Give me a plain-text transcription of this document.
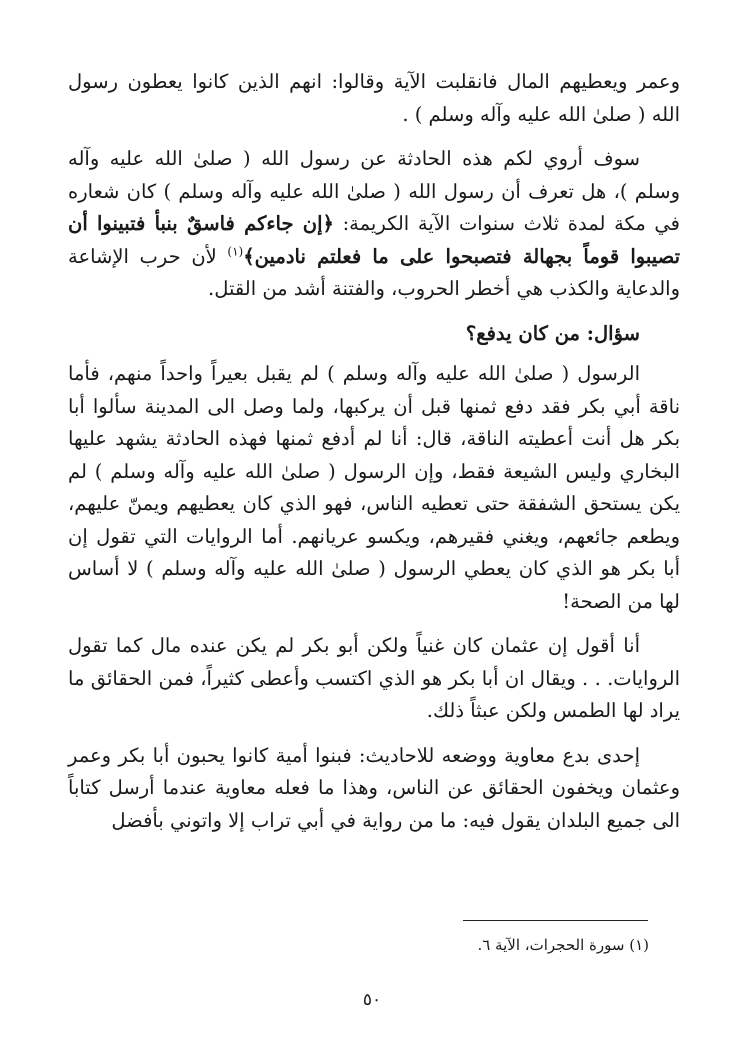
وعمر ويعطيهم المال فانقلبت الآية وقالوا: انهم الذين كانوا يعطون رسول الله ( صلیٰ الله عليه وآله وسلم ) .

سوف أروي لكم هذه الحادثة عن رسول الله ( صلیٰ الله عليه وآله وسلم )، هل تعرف أن رسول الله ( صلیٰ الله عليه وآله وسلم ) كان شعاره في مكة لمدة ثلاث سنوات الآية الكريمة: ﴿إن جاءكم فاسقٌ بنبأ فتبينوا أن تصيبوا قوماً بجهالة فتصبحوا على ما فعلتم نادمين﴾$^{(١)}$ لأن حرب الإشاعة والدعاية والكذب هي أخطر الحروب، والفتنة أشد من القتل.

سؤال: من كان يدفع؟

الرسول ( صلیٰ الله عليه وآله وسلم ) لم يقبل بعيراً واحداً منهم، فأما ناقة أبي بكر فقد دفع ثمنها قبل أن يركبها، ولما وصل الى المدينة سألوا أبا بكر هل أنت أعطيته الناقة، قال: أنا لم أدفع ثمنها فهذه الحادثة يشهد عليها البخاري وليس الشيعة فقط، وإن الرسول ( صلیٰ الله عليه وآله وسلم ) لم يكن يستحق الشفقة حتى تعطيه الناس، فهو الذي كان يعطيهم ويمنّ عليهم، ويطعم جائعهم، ويغني فقيرهم، ويكسو عريانهم. أما الروايات التي تقول إن أبا بكر هو الذي كان يعطي الرسول ( صلیٰ الله عليه وآله وسلم ) لا أساس لها من الصحة!

أنا أقول إن عثمان كان غنياً ولكن أبو بكر لم يكن عنده مال كما تقول الروايات. . . ويقال ان أبا بكر هو الذي اكتسب وأعطى كثيراً، فمن الحقائق ما يراد لها الطمس ولكن عبثاً ذلك.

إحدى بدع معاوية ووضعه للاحاديث: فبنوا أمية كانوا يحبون أبا بكر وعمر وعثمان ويخفون الحقائق عن الناس، وهذا ما فعله معاوية عندما أرسل كتاباً الى جميع البلدان يقول فيه: ما من رواية في أبي تراب إلا واتوني بأفضل

(١) سورة الحجرات، الآية ٦.
٥٠
